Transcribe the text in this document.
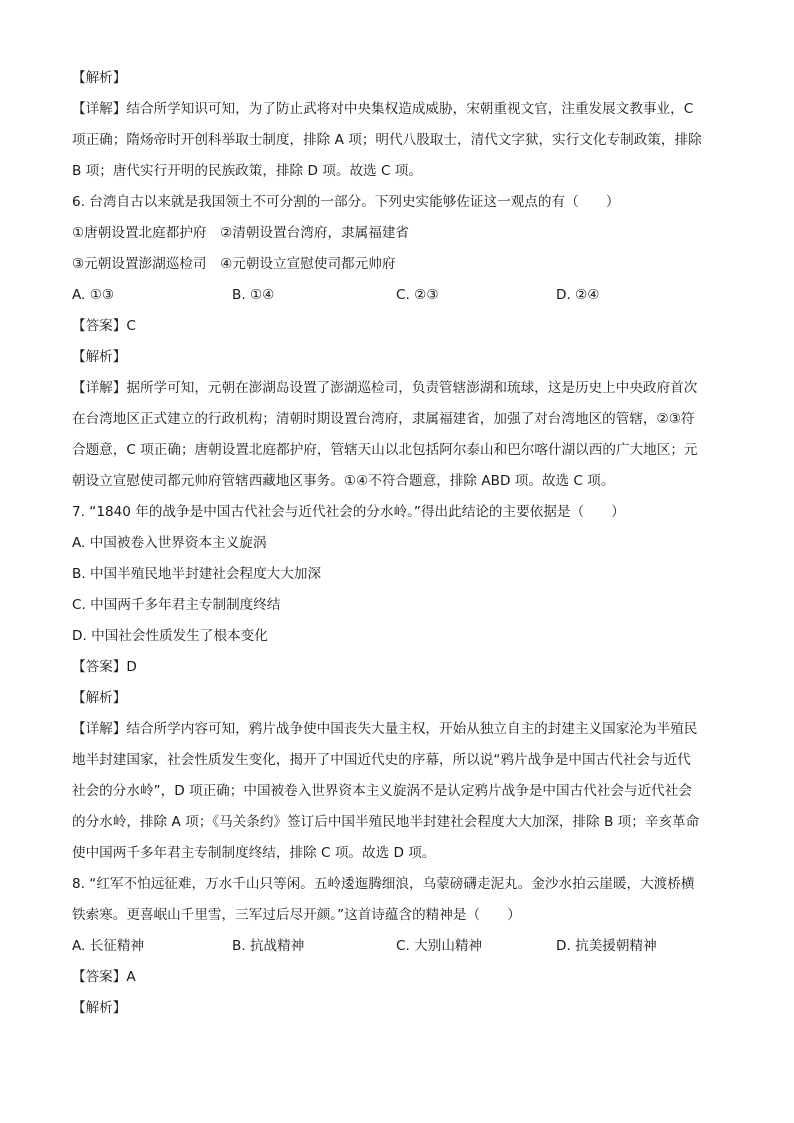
【解析】
【详解】结合所学知识可知，为了防止武将对中央集权造成威胁，宋朝重视文官，注重发展文教事业，C
项正确；隋炀帝时开创科举取士制度，排除 A 项；明代八股取士，清代文字狱，实行文化专制政策，排除
B 项；唐代实行开明的民族政策，排除 D 项。故选 C 项。
6. 台湾自古以来就是我国领土不可分割的一部分。下列史实能够佐证这一观点的有（　　）
①唐朝设置北庭都护府　②清朝设置台湾府，隶属福建省
③元朝设置澎湖巡检司　④元朝设立宣慰使司都元帅府
A. ①③	B. ①④	C. ②③	D. ②④
【答案】C
【解析】
【详解】据所学可知，元朝在澎湖岛设置了澎湖巡检司，负责管辖澎湖和琉球，这是历史上中央政府首次
在台湾地区正式建立的行政机构；清朝时期设置台湾府，隶属福建省，加强了对台湾地区的管辖，②③符
合题意，C 项正确；唐朝设置北庭都护府，管辖天山以北包括阿尔泰山和巴尔喀什湖以西的广大地区；元
朝设立宣慰使司都元帅府管辖西藏地区事务。①④不符合题意，排除 ABD 项。故选 C 项。
7. “1840 年的战争是中国古代社会与近代社会的分水岭。”得出此结论的主要依据是（　　）
A. 中国被卷入世界资本主义旋涡
B. 中国半殖民地半封建社会程度大大加深
C. 中国两千多年君主专制制度终结
D. 中国社会性质发生了根本变化
【答案】D
【解析】
【详解】结合所学内容可知，鸦片战争使中国丧失大量主权，开始从独立自主的封建主义国家沦为半殖民
地半封建国家，社会性质发生变化，揭开了中国近代史的序幕，所以说“鸦片战争是中国古代社会与近代
社会的分水岭”，D 项正确；中国被卷入世界资本主义旋涡不是认定鸦片战争是中国古代社会与近代社会
的分水岭，排除 A 项；《马关条约》签订后中国半殖民地半封建社会程度大大加深，排除 B 项；辛亥革命
使中国两千多年君主专制制度终结，排除 C 项。故选 D 项。
8. “红军不怕远征难，万水千山只等闲。五岭逶迤腾细浪，乌蒙磅礴走泥丸。金沙水拍云崖暖，大渡桥横
铁索寒。更喜岷山千里雪，三军过后尽开颜。”这首诗蕴含的精神是（　　）
A. 长征精神	B. 抗战精神	C. 大别山精神	D. 抗美援朝精神
【答案】A
【解析】
